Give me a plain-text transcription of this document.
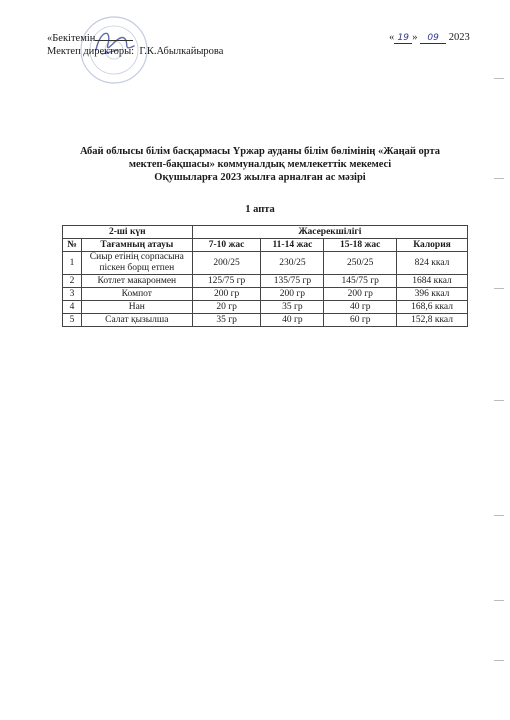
«Бекітемін
Мектеп директоры: Г.К.Абылкайырова
« 19 » 09 2023
Абай облысы білім басқармасы Үржар ауданы білім бөлімінің «Жаңай орта
мектеп-бақшасы» коммуналдық мемлекеттік мекемесі
Оқушыларға 2023 жылға арналған ас мәзірі
1 апта
2-ші күн		Жасерекшілігі			
№	Тағамның атауы	7-10 жас	11-14 жас	15-18 жас	Калория
1	Сиыр етінің сорпасына піскен борщ етпен	200/25	230/25	250/25	824 ккал
2	Котлет макаронмен	125/75 гр	135/75 гр	145/75 гр	1684 ккал
3	Компот	200 гр	200 гр	200 гр	396 ккал
4	Нан	20 гр	35 гр	40 гр	168,6 ккал
5	Салат қызылша	35 гр	40 гр	60 гр	152,8 ккал
